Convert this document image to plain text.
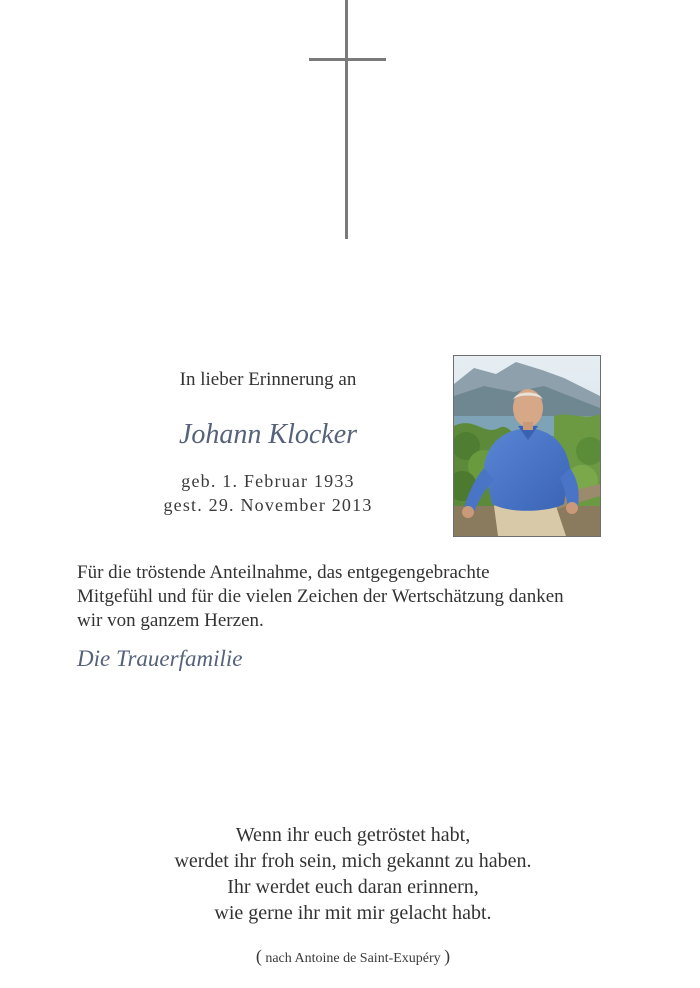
In lieber Erinnerung an
Johann Klocker
geb. 1. Februar 1933
gest. 29. November 2013
Für die tröstende Anteilnahme, das entgegengebrachte
Mitgefühl und für die vielen Zeichen der Wertschätzung danken
wir von ganzem Herzen.
Die Trauerfamilie
Wenn ihr euch getröstet habt,
werdet ihr froh sein, mich gekannt zu haben.
Ihr werdet euch daran erinnern,
wie gerne ihr mit mir gelacht habt.
( nach Antoine de Saint-Exupéry )
